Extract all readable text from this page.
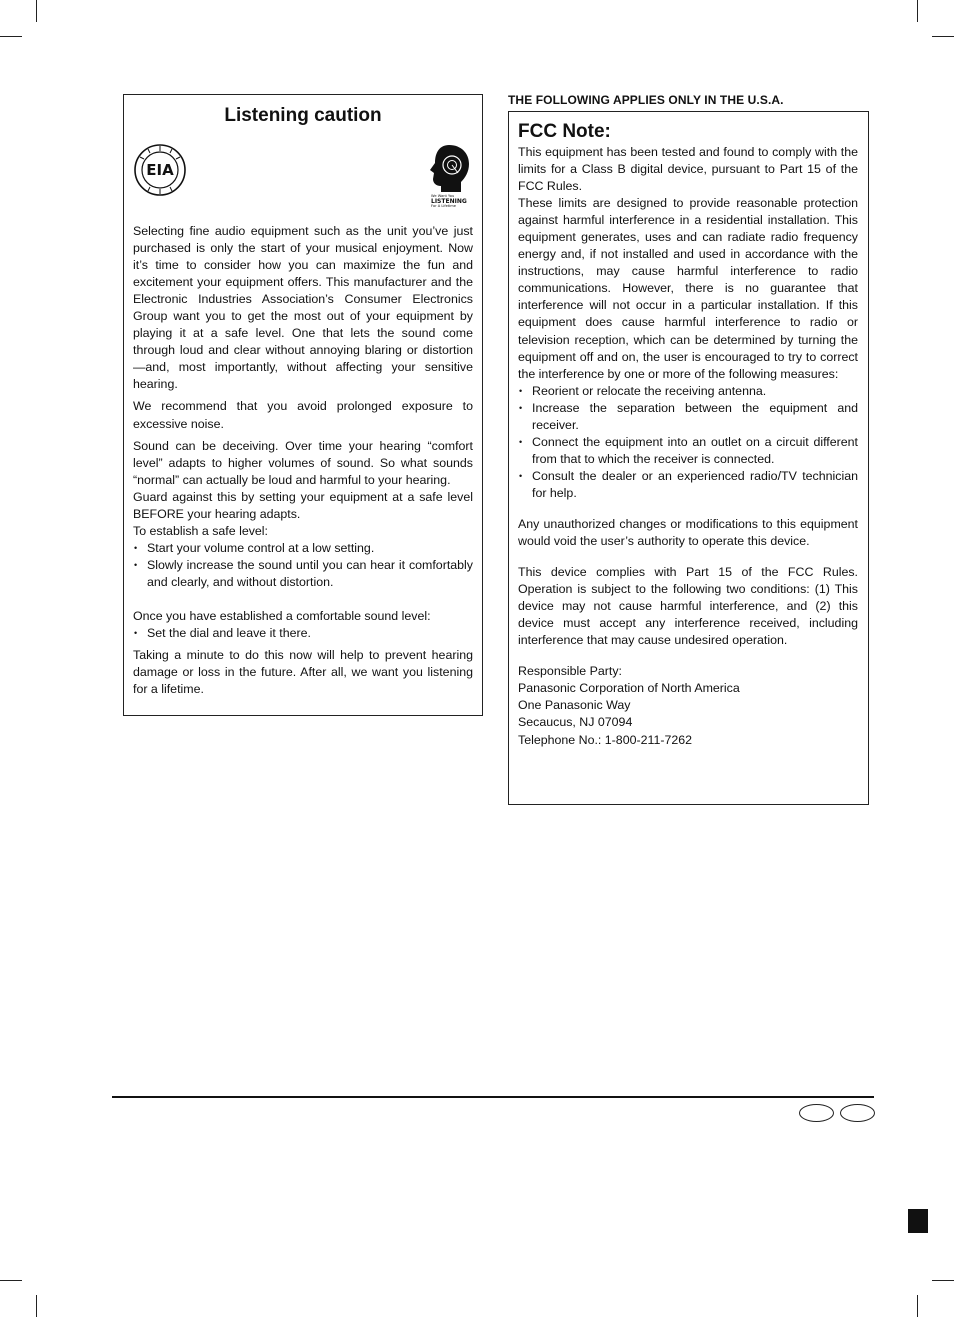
Listening caution
EIA
We Want You
LISTENING
For A Lifetime

Selecting fine audio equipment such as the unit you’ve just purchased is only the start of your musical enjoyment. Now it’s time to consider how you can maximize the fun and excitement your equipment offers. This manufacturer and the Electronic Industries Association’s Consumer Electronics Group want you to get the most out of your equipment by playing it at a safe level. One that lets the sound come through loud and clear without annoying blaring or distortion—and, most importantly, without affecting your sensitive hearing.

We recommend that you avoid prolonged exposure to excessive noise.

Sound can be deceiving. Over time your hearing “comfort level” adapts to higher volumes of sound. So what sounds “normal” can actually be loud and harmful to your hearing.

Guard against this by setting your equipment at a safe level BEFORE your hearing adapts.

To establish a safe level:

• Start your volume control at a low setting.
• Slowly increase the sound until you can hear it comfortably and clearly, and without distortion.

Once you have established a comfortable sound level:

• Set the dial and leave it there.

Taking a minute to do this now will help to prevent hearing damage or loss in the future. After all, we want you listening for a lifetime.

THE FOLLOWING APPLIES ONLY IN THE U.S.A.
FCC Note:

This equipment has been tested and found to comply with the limits for a Class B digital device, pursuant to Part 15 of the FCC Rules.

These limits are designed to provide reasonable protection against harmful interference in a residential installation. This equipment generates, uses and can radiate radio frequency energy and, if not installed and used in accordance with the instructions, may cause harmful interference to radio communications. However, there is no guarantee that interference will not occur in a particular installation. If this equipment does cause harmful interference to radio or television reception, which can be determined by turning the equipment off and on, the user is encouraged to try to correct the interference by one or more of the following measures:

• Reorient or relocate the receiving antenna.
• Increase the separation between the equipment and receiver.
• Connect the equipment into an outlet on a circuit different from that to which the receiver is connected.
• Consult the dealer or an experienced radio/TV technician for help.

Any unauthorized changes or modifications to this equipment would void the user’s authority to operate this device.

This device complies with Part 15 of the FCC Rules. Operation is subject to the following two conditions: (1) This device may not cause harmful interference, and (2) this device must accept any interference received, including interference that may cause undesired operation.

Responsible Party:

Panasonic Corporation of North America

One Panasonic Way

Secaucus, NJ 07094

Telephone No.: 1-800-211-7262
